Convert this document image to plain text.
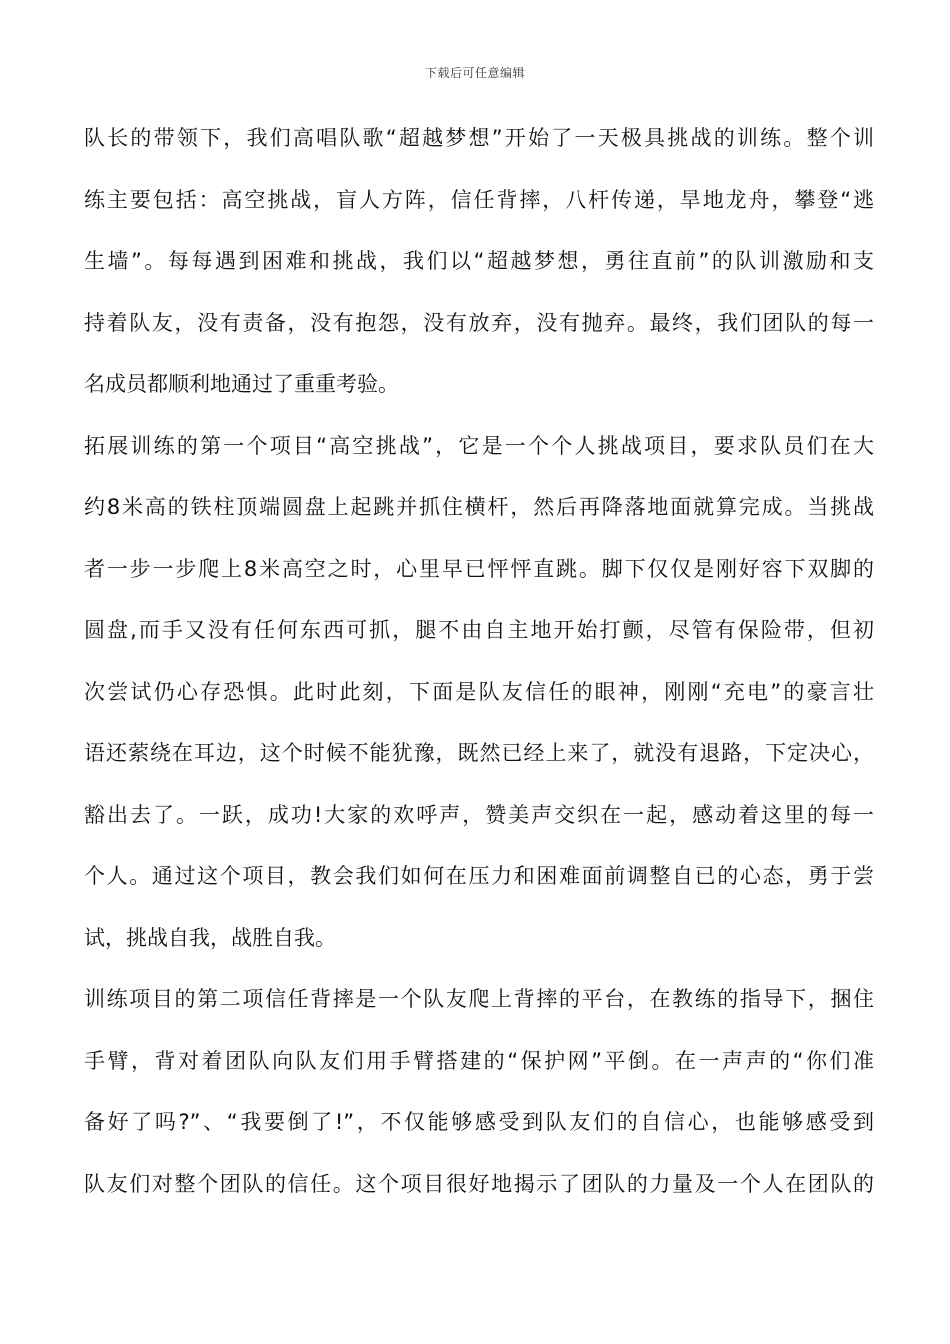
下载后可任意编辑
队长的带领下，我们高唱队歌“超越梦想”开始了一天极具挑战的训练。整个训
练主要包括：高空挑战，盲人方阵，信任背摔，八杆传递，旱地龙舟，攀登“逃
生墙”。每每遇到困难和挑战，我们以“超越梦想，勇往直前”的队训激励和支
持着队友，没有责备，没有抱怨，没有放弃，没有抛弃。最终，我们团队的每一
名成员都顺利地通过了重重考验。
拓展训练的第一个项目“高空挑战”，它是一个个人挑战项目，要求队员们在大
约8米高的铁柱顶端圆盘上起跳并抓住横杆，然后再降落地面就算完成。当挑战
者一步一步爬上8米高空之时，心里早已怦怦直跳。脚下仅仅是刚好容下双脚的
圆盘,而手又没有任何东西可抓，腿不由自主地开始打颤，尽管有保险带，但初
次尝试仍心存恐惧。此时此刻，下面是队友信任的眼神，刚刚“充电”的豪言壮
语还萦绕在耳边，这个时候不能犹豫，既然已经上来了，就没有退路，下定决心，
豁出去了。一跃，成功!大家的欢呼声，赞美声交织在一起，感动着这里的每一
个人。通过这个项目，教会我们如何在压力和困难面前调整自已的心态，勇于尝
试，挑战自我，战胜自我。
训练项目的第二项信任背摔是一个队友爬上背摔的平台，在教练的指导下，捆住
手臂，背对着团队向队友们用手臂搭建的“保护网”平倒。在一声声的“你们准
备好了吗?”、“我要倒了!”，不仅能够感受到队友们的自信心，也能够感受到
队友们对整个团队的信任。这个项目很好地揭示了团队的力量及一个人在团队的
